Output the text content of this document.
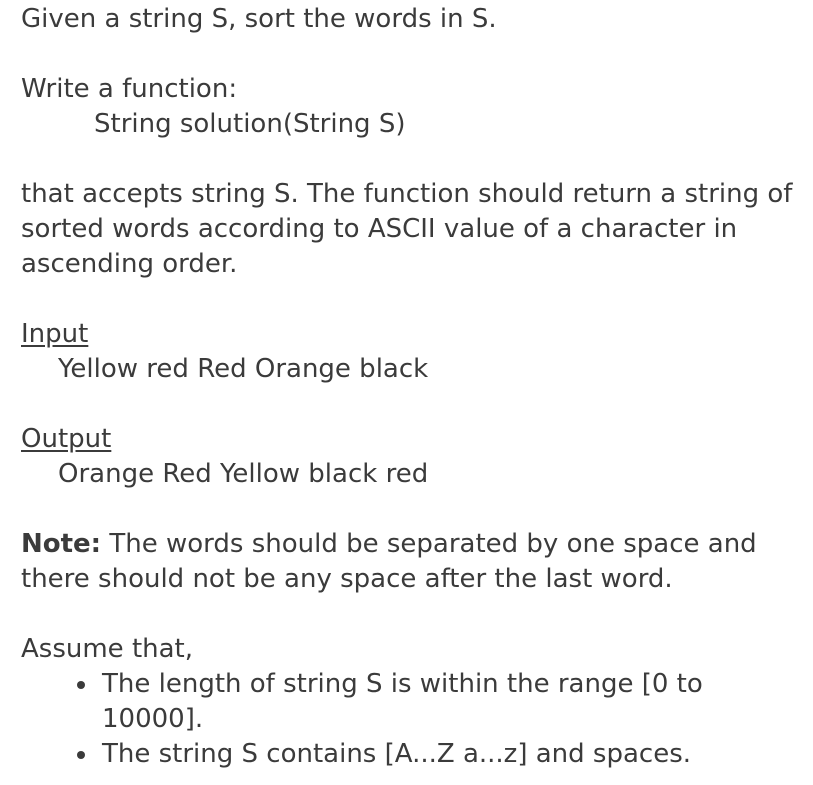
Given a string S, sort the words in S.
Write a function:
String solution(String S)
that accepts string S. The function should return a string of
sorted words according to ASCII value of a character in
ascending order.
Input
Yellow red Red Orange black
Output
Orange Red Yellow black red
Note: The words should be separated by one space and
there should not be any space after the last word.
Assume that,
The length of string S is within the range [0 to
10000].
The string S contains [A...Z a...z] and spaces.
